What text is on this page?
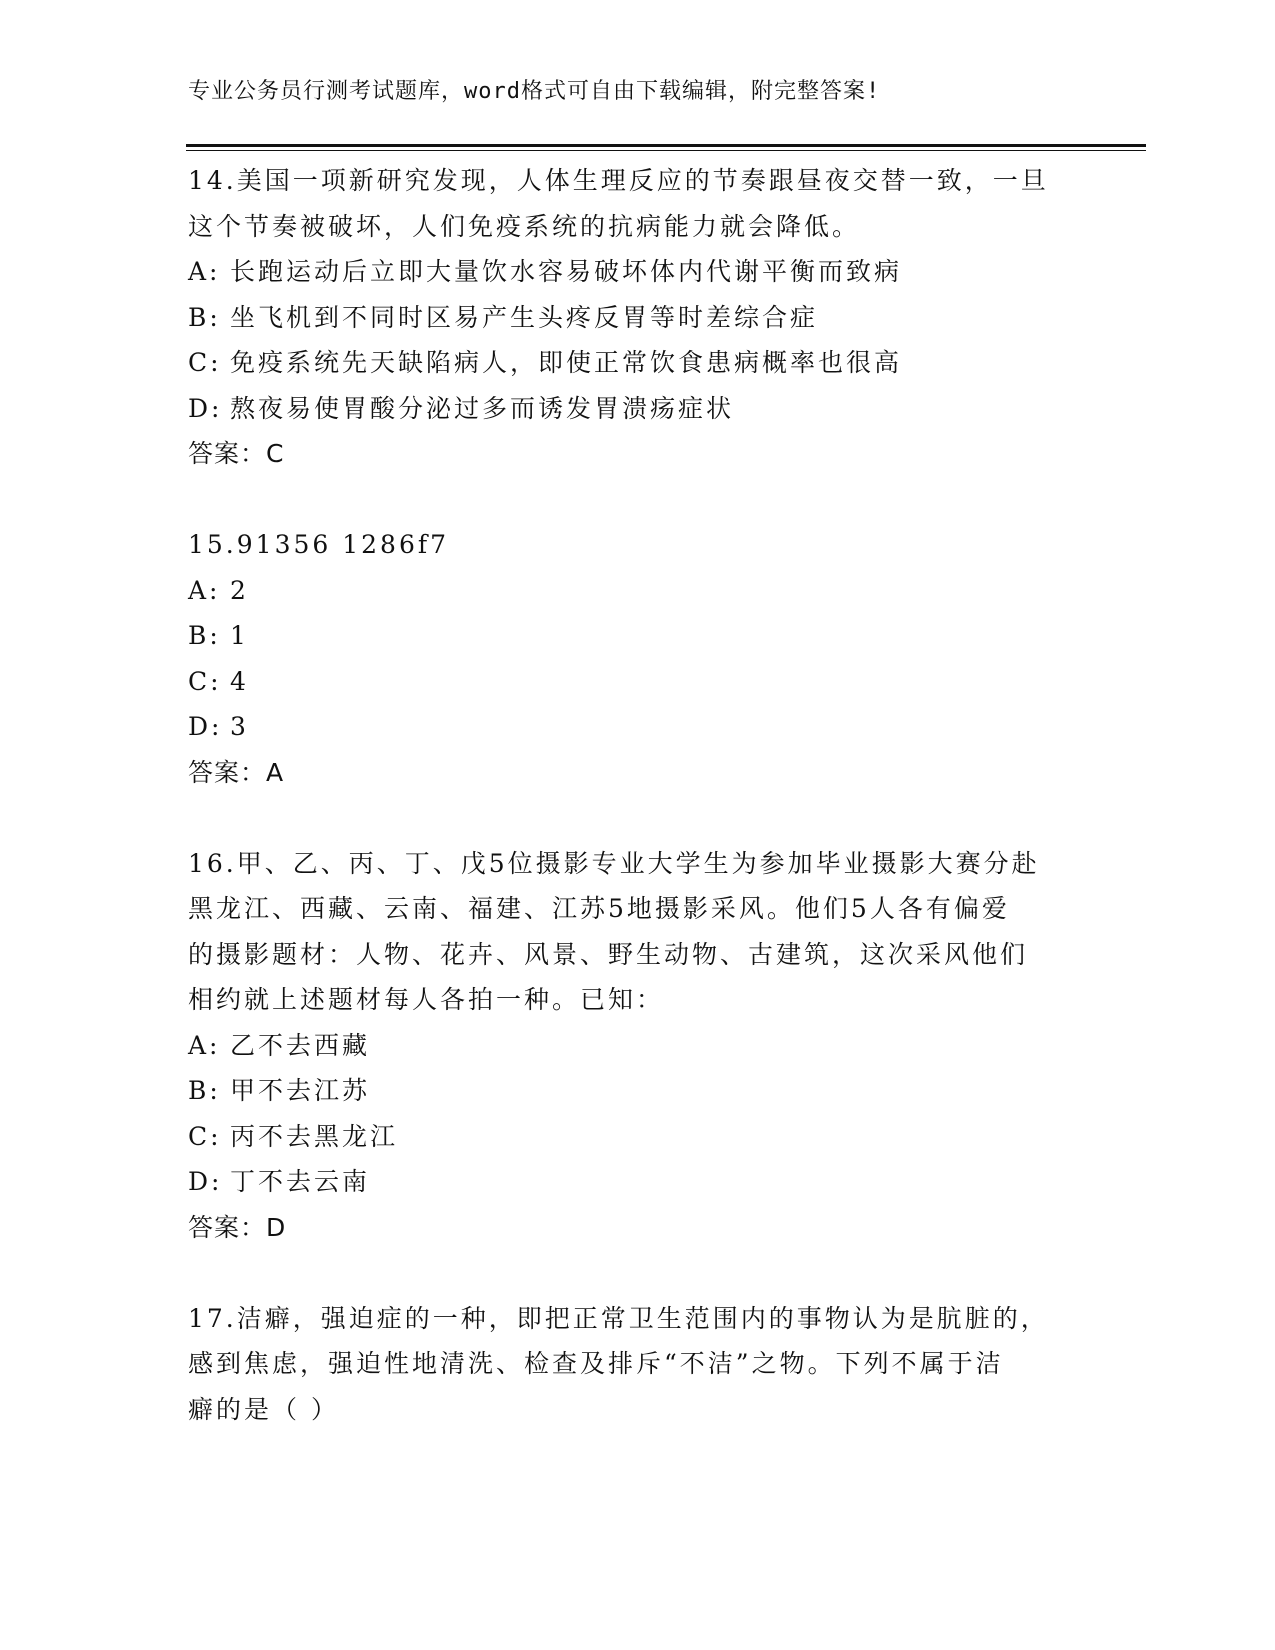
专业公务员行测考试题库，word格式可自由下载编辑，附完整答案!
14.美国一项新研究发现，人体生理反应的节奏跟昼夜交替一致，一旦
这个节奏被破坏，人们免疫系统的抗病能力就会降低。
A: 长跑运动后立即大量饮水容易破坏体内代谢平衡而致病
B: 坐飞机到不同时区易产生头疼反胃等时差综合症
C: 免疫系统先天缺陷病人，即使正常饮食患病概率也很高
D: 熬夜易使胃酸分泌过多而诱发胃溃疡症状
答案：C
15.91356 1286f7
A: 2
B: 1
C: 4
D: 3
答案：A
16.甲、乙、丙、丁、戊5位摄影专业大学生为参加毕业摄影大赛分赴
黑龙江、西藏、云南、福建、江苏5地摄影采风。他们5人各有偏爱
的摄影题材：人物、花卉、风景、野生动物、古建筑，这次采风他们
相约就上述题材每人各拍一种。已知：
A: 乙不去西藏
B: 甲不去江苏
C: 丙不去黑龙江
D: 丁不去云南
答案：D
17.洁癖，强迫症的一种，即把正常卫生范围内的事物认为是肮脏的，
感到焦虑，强迫性地清洗、检查及排斥“不洁”之物。下列不属于洁
癖的是（ ）
